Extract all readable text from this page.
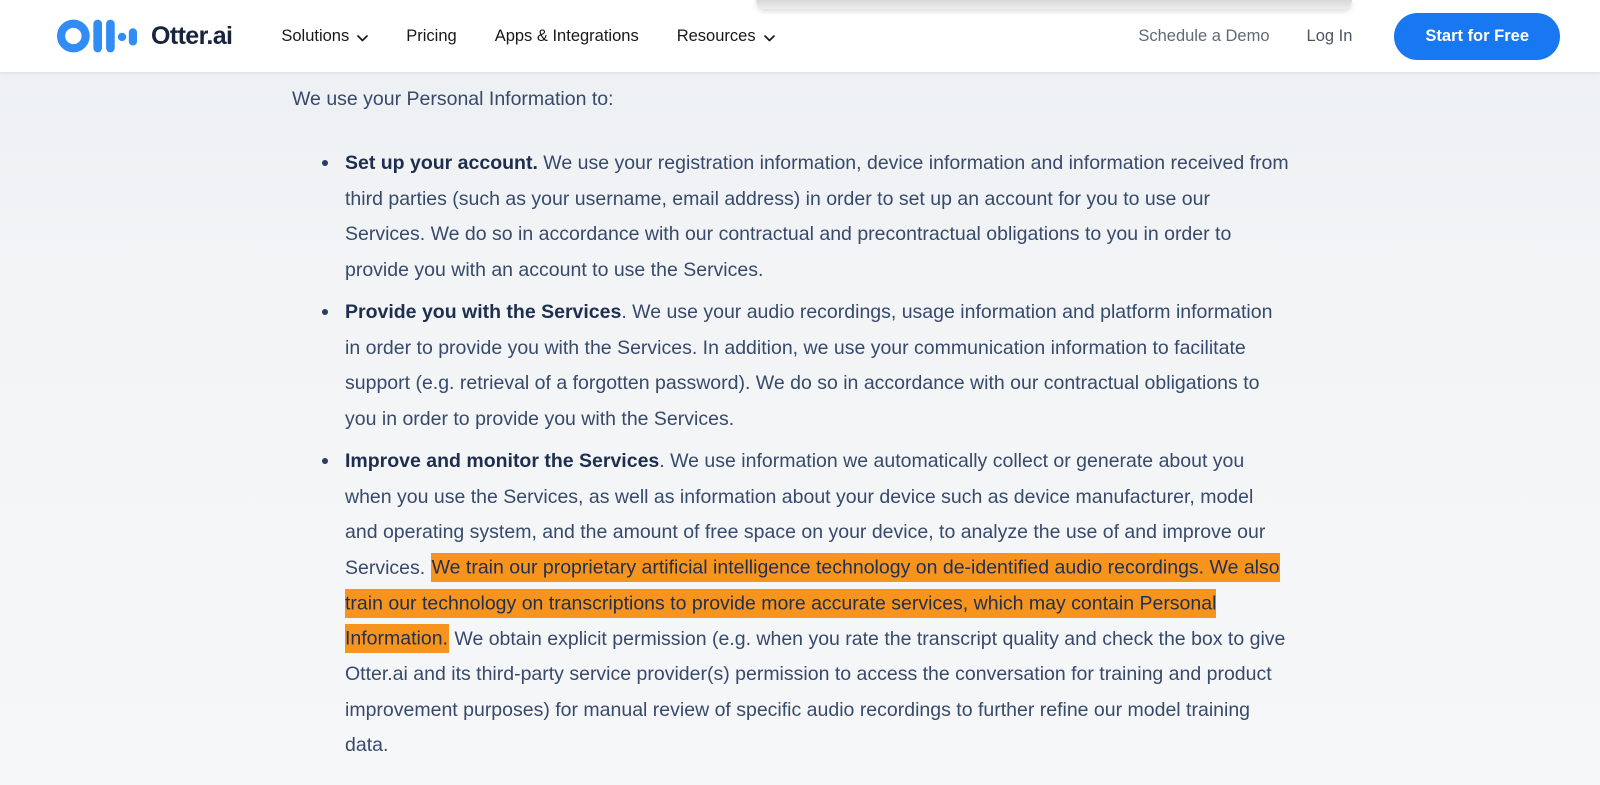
Otter.ai	Solutions	Pricing Apps & Integrations Resources	Schedule a Demo Log In	Start for Free
We use your Personal Information to:
Set up your account. We use your registration information, device information and information received from third parties (such as your username, email address) in order to set up an account for you to use our Services. We do so in accordance with our contractual and precontractual obligations to you in order to provide you with an account to use the Services.
Provide you with the Services. We use your audio recordings, usage information and platform information in order to provide you with the Services. In addition, we use your communication information to facilitate support (e.g. retrieval of a forgotten password). We do so in accordance with our contractual obligations to you in order to provide you with the Services.
Improve and monitor the Services. We use information we automatically collect or generate about you when you use the Services, as well as information about your device such as device manufacturer, model and operating system, and the amount of free space on your device, to analyze the use of and improve our Services. We train our proprietary artificial intelligence technology on de-identified audio recordings. We also train our technology on transcriptions to provide more accurate services, which may contain Personal Information. We obtain explicit permission (e.g. when you rate the transcript quality and check the box to give Otter.ai and its third-party service provider(s) permission to access the conversation for training and product improvement purposes) for manual review of specific audio recordings to further refine our model training data.
